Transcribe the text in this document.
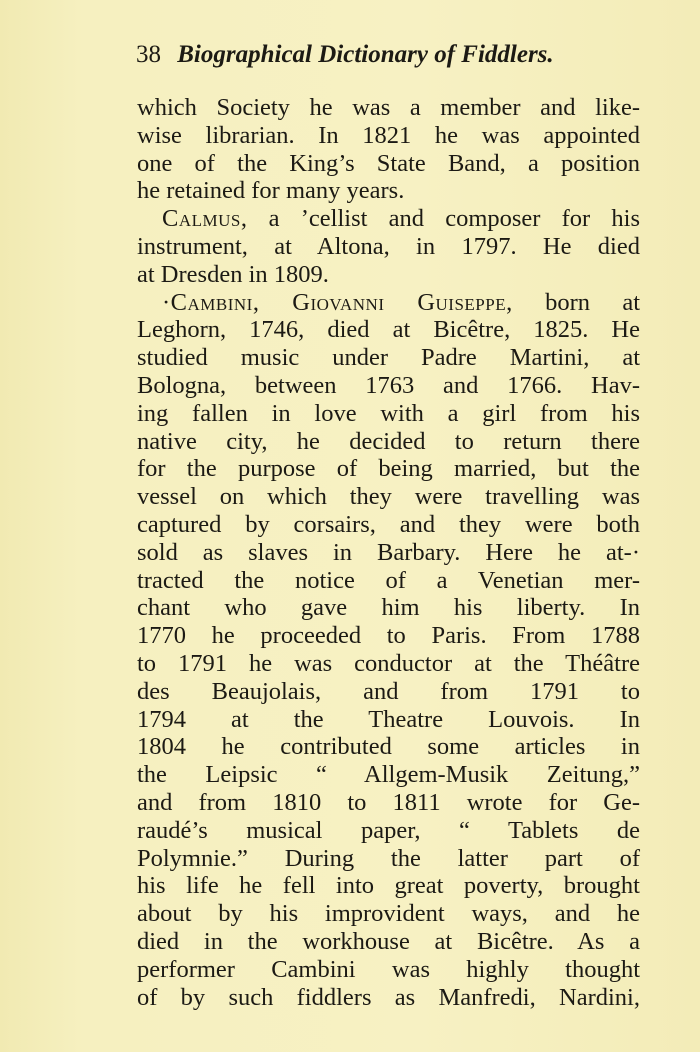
38 Biographical Dictionary of Fiddlers.
which Society he was a member and like-
wise librarian. In 1821 he was appointed
one of the King’s State Band, a position
he retained for many years.
Calmus, a ’cellist and composer for his
instrument, at Altona, in 1797. He died
at Dresden in 1809.
·Cambini, Giovanni Guiseppe, born at
Leghorn, 1746, died at Bicêtre, 1825. He
studied music under Padre Martini, at
Bologna, between 1763 and 1766. Hav-
ing fallen in love with a girl from his
native city, he decided to return there
for the purpose of being married, but the
vessel on which they were travelling was
captured by corsairs, and they were both
sold as slaves in Barbary. Here he at-·
tracted the notice of a Venetian mer-
chant who gave him his liberty. In
1770 he proceeded to Paris. From 1788
to 1791 he was conductor at the Théâtre
des Beaujolais, and from 1791 to
1794 at the Theatre Louvois. In
1804 he contributed some articles in
the Leipsic “ Allgem-Musik Zeitung,”
and from 1810 to 1811 wrote for Ge-
raudé’s musical paper, “ Tablets de
Polymnie.” During the latter part of
his life he fell into great poverty, brought
about by his improvident ways, and he
died in the workhouse at Bicêtre. As a
performer Cambini was highly thought
of by such fiddlers as Manfredi, Nardini,
